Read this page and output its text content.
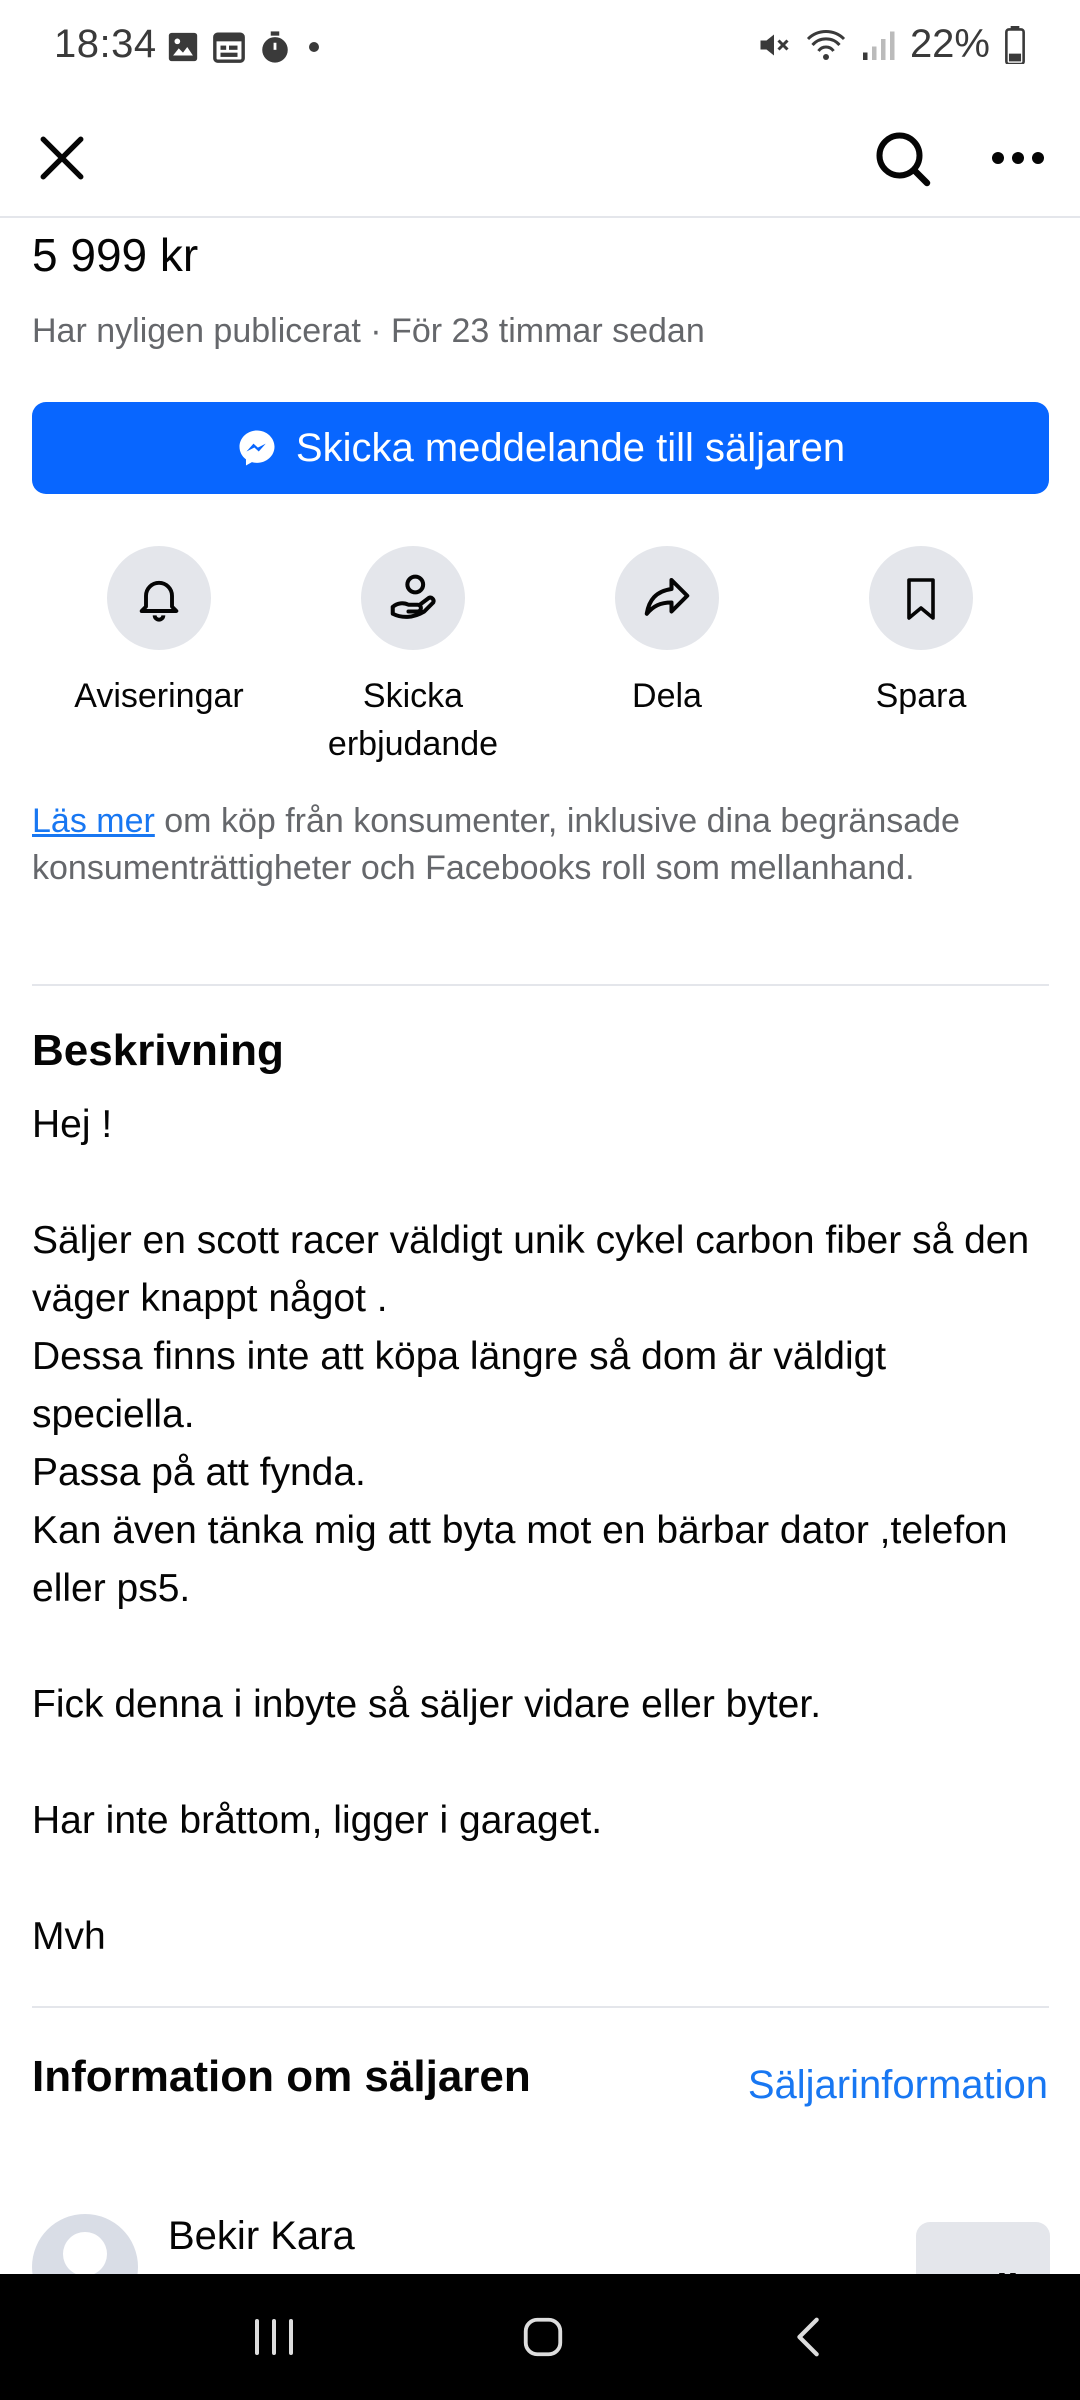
18:34	22%
5 999 kr
Har nyligen publicerat · För 23 timmar sedan
Skicka meddelande till säljaren
Aviseringar	Skicka erbjudande
Dela	Spara
Läs mer om köp från konsumenter, inklusive dina begränsade konsumenträttigheter och Facebooks roll som mellanhand.
Beskrivning
Hej !

Säljer en scott racer väldigt unik cykel carbon fiber så den väger knappt något .
Dessa finns inte att köpa längre så dom är väldigt speciella.
Passa på att fynda.
Kan även tänka mig att byta mot en bärbar dator ,telefon eller ps5.

Fick denna i inbyte så säljer vidare eller byter.

Har inte bråttom, ligger i garaget.

Mvh
Information om säljaren	Säljarinformation
Bekir Kara
